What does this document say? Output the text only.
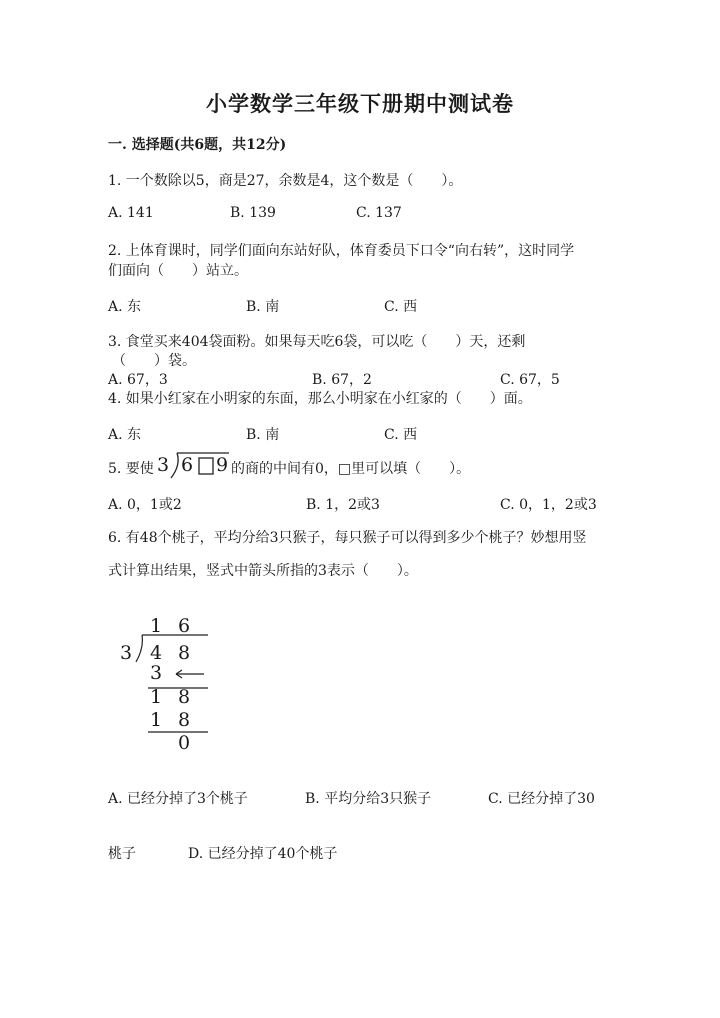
小学数学三年级下册期中测试卷
一. 选择题(共6题，共12分)
1. 一个数除以5，商是27，余数是4，这个数是（　　）。
A. 141	B. 139	C. 137
2. 上体育课时，同学们面向东站好队，体育委员下口令“向右转”，这时同学
们面向（　　）站立。
A. 东	B. 南	C. 西
3. 食堂买来404袋面粉。如果每天吃6袋，可以吃（　　）天，还剩
（　　）袋。
A. 67，3	B. 67，2	C. 67，5
4. 如果小红家在小明家的东面，那么小明家在小红家的（　　）面。
A. 东	B. 南	C. 西
5. 要使 3 6 9 的商的中间有0，□里可以填（　　）。
A. 0，1或2	B. 1，2或3	C. 0，1，2或3
6. 有48个桃子，平均分给3只猴子，每只猴子可以得到多少个桃子？妙想用竖
式计算出结果，竖式中箭头所指的3表示（　　）。
1 6
3 4 8
3
1 8
1 8
0
A. 已经分掉了3个桃子	B. 平均分给3只猴子	C. 已经分掉了30
桃子	D. 已经分掉了40个桃子
